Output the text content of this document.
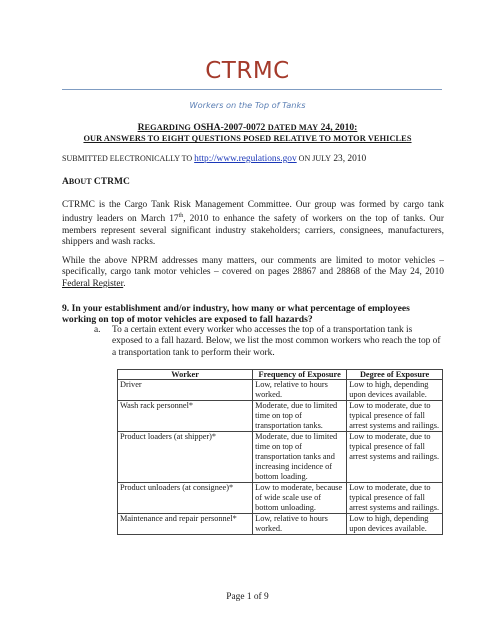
CTRMC
Workers on the Top of Tanks
REGARDING OSHA-2007-0072 DATED MAY 24, 2010:
OUR ANSWERS TO EIGHT QUESTIONS POSED RELATIVE TO MOTOR VEHICLES
SUBMITTED ELECTRONICALLY TO http://www.regulations.gov ON JULY 23, 2010
ABOUT CTRMC
CTRMC is the Cargo Tank Risk Management Committee. Our group was formed by cargo tank industry leaders on March 17th, 2010 to enhance the safety of workers on the top of tanks. Our members represent several significant industry stakeholders; carriers, consignees, manufacturers, shippers and wash racks.
While the above NPRM addresses many matters, our comments are limited to motor vehicles – specifically, cargo tank motor vehicles – covered on pages 28867 and 28868 of the May 24, 2010 Federal Register.
9. In your establishment and/or industry, how many or what percentage of employees working on top of motor vehicles are exposed to fall hazards?
a. To a certain extent every worker who accesses the top of a transportation tank is exposed to a fall hazard. Below, we list the most common workers who reach the top of a transportation tank to perform their work.
Worker	Frequency of Exposure	Degree of Exposure
Driver	Low, relative to hours worked.	Low to high, depending upon devices available.
Wash rack personnel*	Moderate, due to limited time on top of transportation tanks.	Low to moderate, due to typical presence of fall arrest systems and railings.
Product loaders (at shipper)*	Moderate, due to limited time on top of transportation tanks and increasing incidence of bottom loading.	Low to moderate, due to typical presence of fall arrest systems and railings.
Product unloaders (at consignee)*	Low to moderate, because of wide scale use of bottom unloading.	Low to moderate, due to typical presence of fall arrest systems and railings.
Maintenance and repair personnel*	Low, relative to hours worked.	Low to high, depending upon devices available.
Page 1 of 9
